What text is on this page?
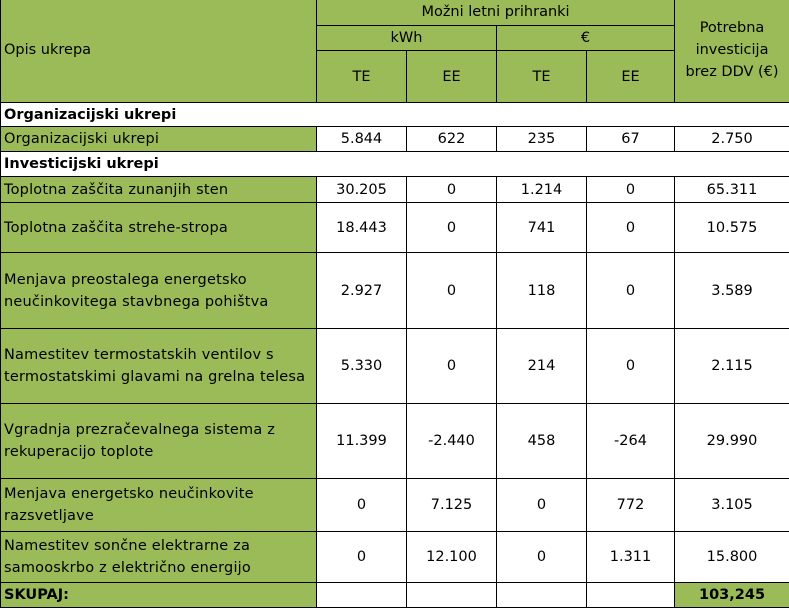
Opis ukrepa	Možni letni prihranki				Potrebna investicija brez DDV (€)
	kWh		€		
	TE	EE	TE	EE	

Organizacijski ukrepi					
Organizacijski ukrepi	5.844	622	235	67	2.750
Investicijski ukrepi					
Toplotna zaščita zunanjih sten	30.205	0	1.214	0	65.311
Toplotna zaščita strehe-stropa	18.443	0	741	0	10.575
Menjava preostalega energetsko neučinkovitega stavbnega pohištva	2.927	0	118	0	3.589
Namestitev termostatskih ventilov s termostatskimi glavami na grelna telesa	5.330	0	214	0	2.115
Vgradnja prezračevalnega sistema z rekuperacijo toplote	11.399	-2.440	458	-264	29.990
Menjava energetsko neučinkovite razsvetljave	0	7.125	0	772	3.105
Namestitev sončne elektrarne za samooskrbo z električno energijo	0	12.100	0	1.311	15.800
SKUPAJ:					103,245
